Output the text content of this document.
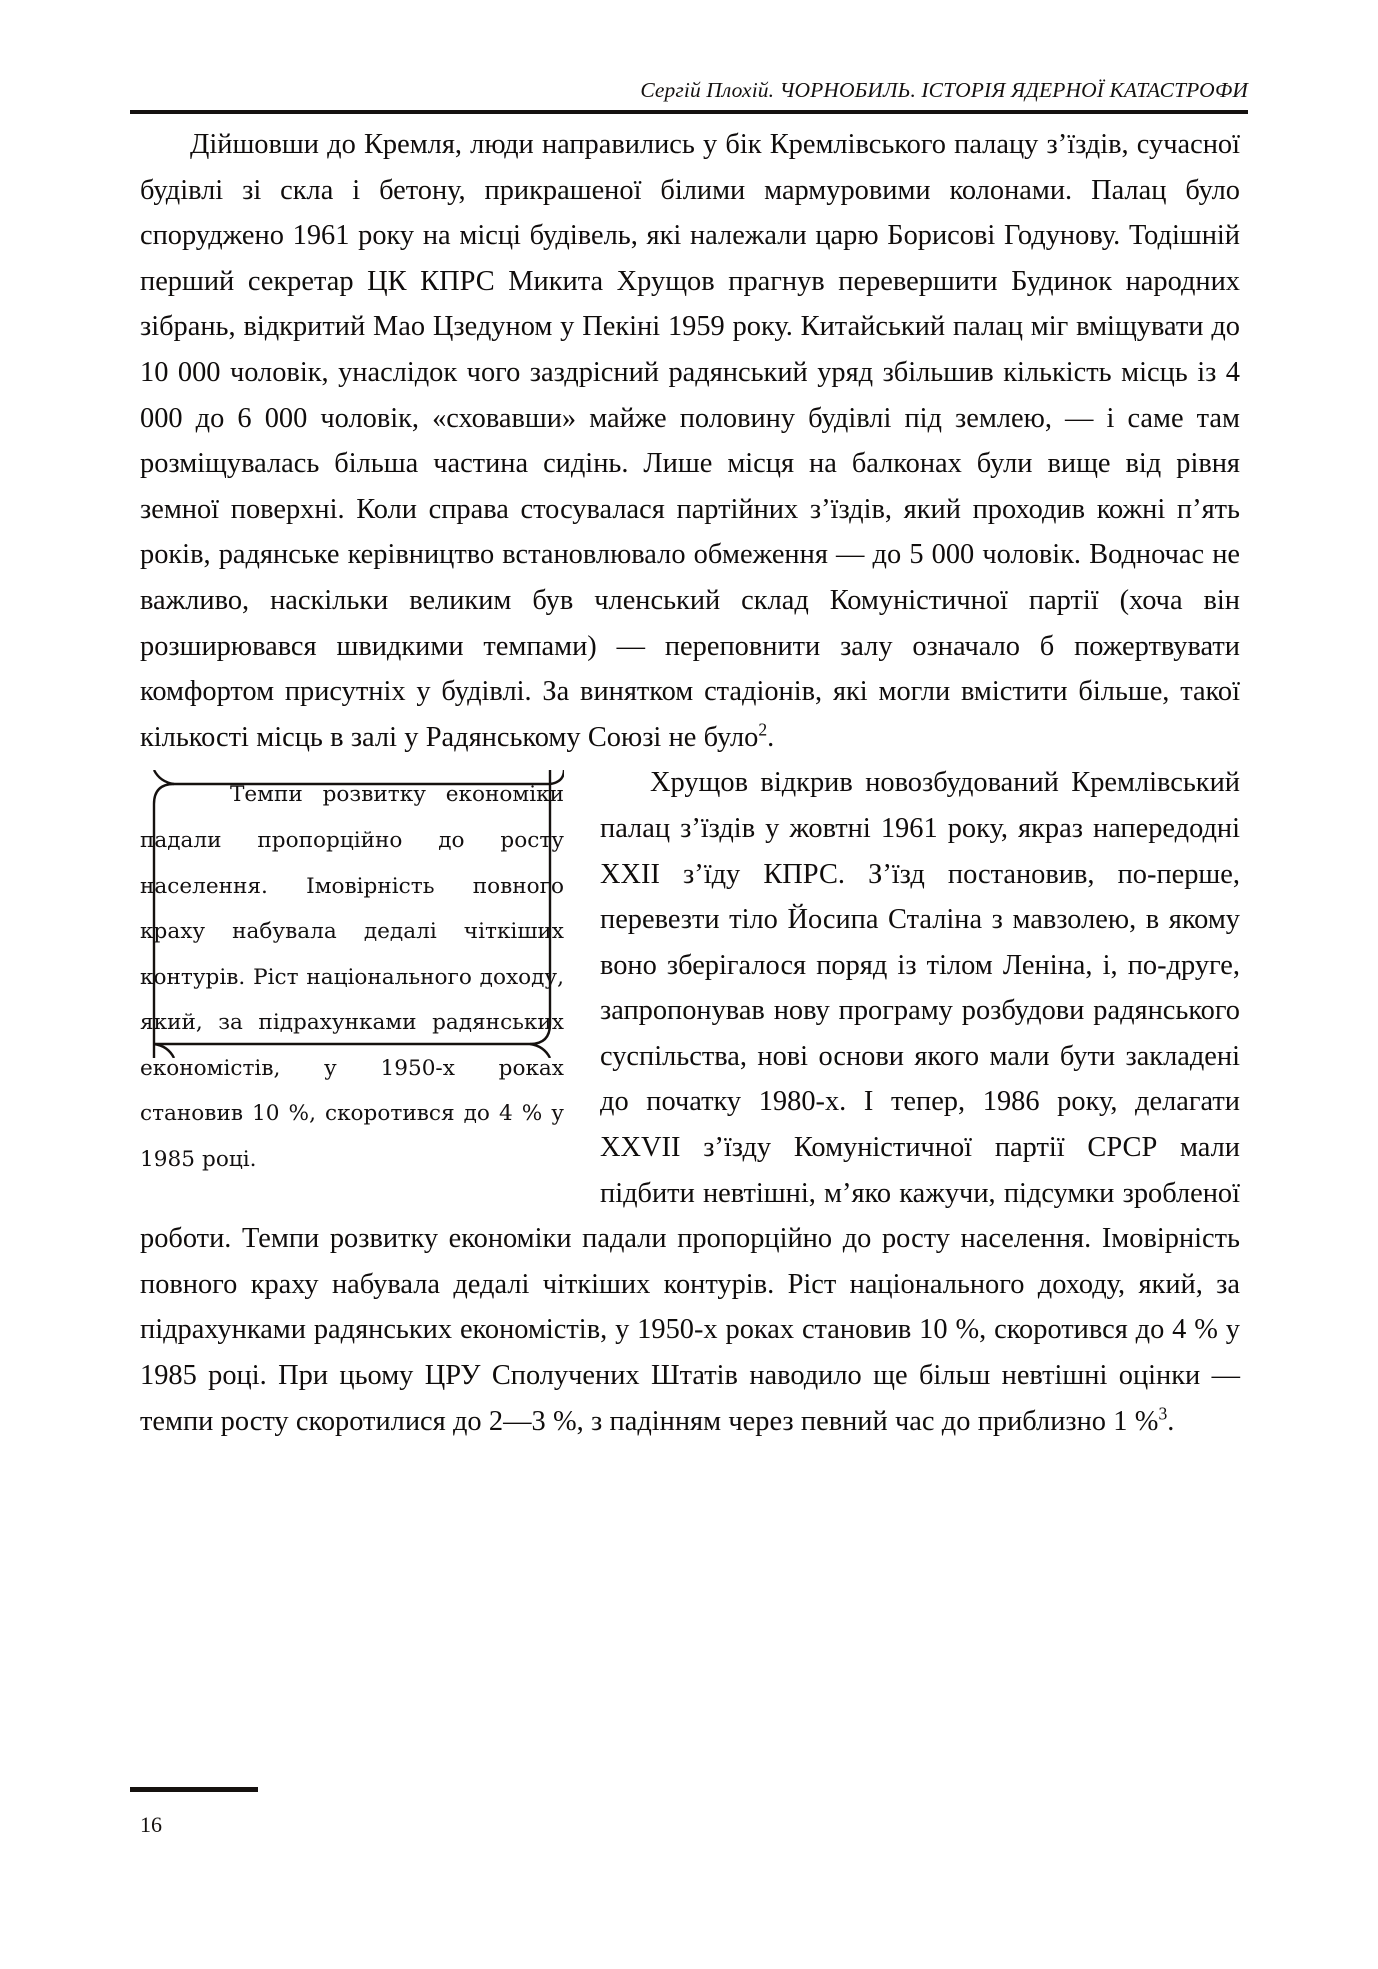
Сергій Плохій. ЧОРНОБИЛЬ. ІСТОРІЯ ЯДЕРНОЇ КАТАСТРОФИ

Дійшовши до Кремля, люди направились у бік Кремлівського палацу з’їздів, сучасної будівлі зі скла і бетону, прикрашеної білими мармуровими колонами. Палац було споруджено 1961 року на місці будівель, які належали царю Борисові Годунову. Тодішній перший секретар ЦК КПРС Микита Хрущов прагнув перевершити Будинок народних зібрань, відкритий Мао Цзедуном у Пекіні 1959 року. Китайський палац міг вміщувати до 10 000 чоловік, унаслідок чого заздрісний радянський уряд збільшив кількість місць із 4 000 до 6 000 чоловік, «сховавши» майже половину будівлі під землею, — і саме там розміщувалась більша частина сидінь. Лише місця на балконах були вище від рівня земної поверхні. Коли справа стосувалася партійних з’їздів, який проходив кожні п’ять років, радянське керівництво встановлювало обмеження — до 5 000 чоловік. Водночас не важливо, наскільки великим був членський склад Комуністичної партії (хоча він розширювався швидкими темпами) — переповнити залу означало б пожертвувати комфортом присутніх у будівлі. За винятком стадіонів, які могли вмістити більше, такої кількості місць в залі у Радянському Союзі не було$^2$.

Темпи розвитку економіки падали пропорційно до росту населення. Імовірність повного краху набувала дедалі чіткіших контурів. Ріст національного доходу, який, за підрахунками радянських економістів, у 1950-х роках становив 10 %, скоротився до 4 % у 1985 році.
Хрущов відкрив новозбудований Кремлівський палац з’їздів у жовтні 1961 року, якраз напередодні XXII з’їду КПРС. З’їзд постановив, по-перше, перевезти тіло Йосипа Сталіна з мавзолею, в якому воно зберігалося поряд із тілом Леніна, і, по-друге, запропонував нову програму розбудови радянського суспільства, нові основи якого мали бути закладені до початку 1980-х. І тепер, 1986 року, делагати XXVII з’їзду Комуністичної партії СРСР мали підбити невтішні, м’яко кажучи, підсумки зробленої роботи. Темпи розвитку економіки падали пропорційно до росту населення. Імовірність повного краху набувала дедалі чіткіших контурів. Ріст національного доходу, який, за підрахунками радянських економістів, у 1950-х роках становив 10 %, скоротився до 4 % у 1985 році. При цьому ЦРУ Сполучених Штатів наводило ще більш невтішні оцінки — темпи росту скоротилися до 2—3 %, з падінням через певний час до приблизно 1 %$^3$.

16
